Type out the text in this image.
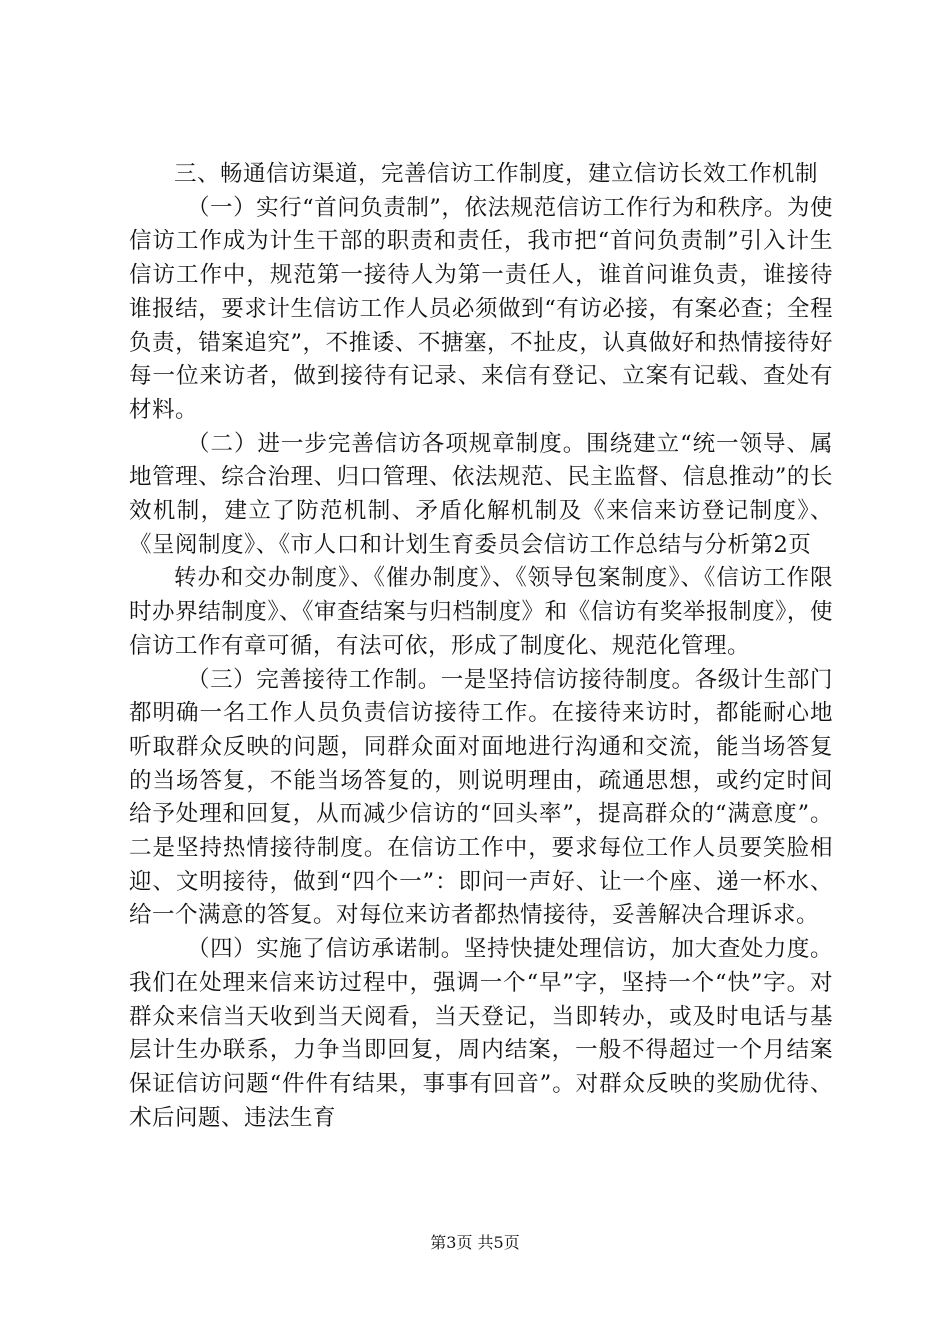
三、畅通信访渠道，完善信访工作制度，建立信访长效工作机制

（一）实行“首问负责制”，依法规范信访工作行为和秩序。为使信访工作成为计生干部的职责和责任，我市把“首问负责制”引入计生信访工作中，规范第一接待人为第一责任人，谁首问谁负责，谁接待谁报结，要求计生信访工作人员必须做到“有访必接，有案必查；全程负责，错案追究”，不推诿、不搪塞，不扯皮，认真做好和热情接待好每一位来访者，做到接待有记录、来信有登记、立案有记载、查处有材料。

（二）进一步完善信访各项规章制度。围绕建立“统一领导、属地管理、综合治理、归口管理、依法规范、民主监督、信息推动”的长效机制，建立了防范机制、矛盾化解机制及《来信来访登记制度》、《呈阅制度》、《市人口和计划生育委员会信访工作总结与分析第2页

转办和交办制度》、《催办制度》、《领导包案制度》、《信访工作限时办界结制度》、《审查结案与归档制度》和《信访有奖举报制度》，使信访工作有章可循，有法可依，形成了制度化、规范化管理。

（三）完善接待工作制。一是坚持信访接待制度。各级计生部门都明确一名工作人员负责信访接待工作。在接待来访时，都能耐心地听取群众反映的问题，同群众面对面地进行沟通和交流，能当场答复的当场答复，不能当场答复的，则说明理由，疏通思想，或约定时间给予处理和回复，从而减少信访的“回头率”，提高群众的“满意度”。二是坚持热情接待制度。在信访工作中，要求每位工作人员要笑脸相迎、文明接待，做到“四个一”：即问一声好、让一个座、递一杯水、给一个满意的答复。对每位来访者都热情接待，妥善解决合理诉求。

（四）实施了信访承诺制。坚持快捷处理信访，加大查处力度。我们在处理来信来访过程中，强调一个“早”字，坚持一个“快”字。对群众来信当天收到当天阅看，当天登记，当即转办，或及时电话与基层计生办联系，力争当即回复，周内结案，一般不得超过一个月结案保证信访问题“件件有结果，事事有回音”。对群众反映的奖励优待、术后问题、违法生育

第3页 共5页
